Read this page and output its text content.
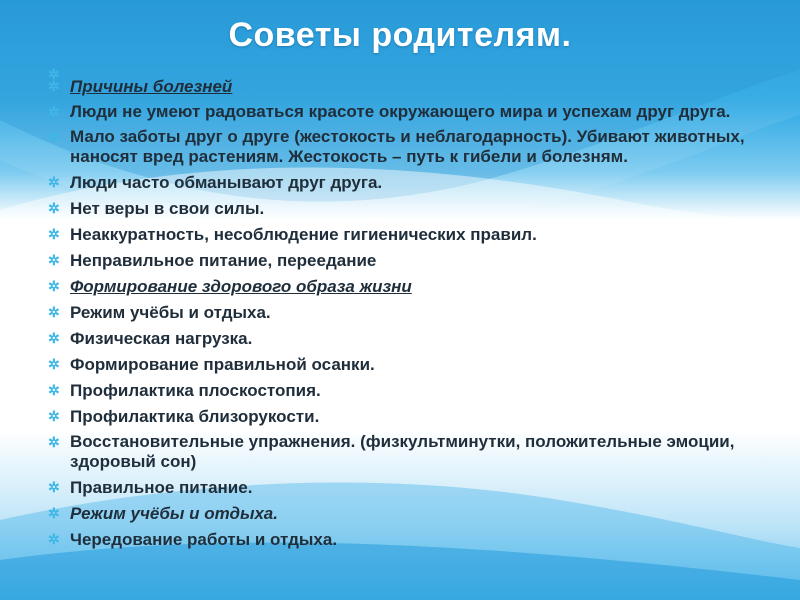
Советы родителям.
✲
✲ Причины болезней
✲ Люди не умеют радоваться красоте окружающего мира и успехам друг друга.
✲ Мало заботы друг о друге (жестокость и неблагодарность). Убивают животных, наносят вред растениям. Жестокость – путь к гибели и болезням.
✲ Люди часто обманывают друг друга.
✲ Нет веры в свои силы.
✲ Неаккуратность, несоблюдение гигиенических правил.
✲ Неправильное питание, переедание
✲ Формирование здорового образа жизни
✲ Режим учёбы и отдыха.
✲ Физическая нагрузка.
✲ Формирование правильной осанки.
✲ Профилактика плоскостопия.
✲ Профилактика близорукости.
✲ Восстановительные упражнения. (физкультминутки, положительные эмоции, здоровый сон)
✲ Правильное питание.
✲ Режим учёбы и отдыха.
✲ Чередование работы и отдыха.
